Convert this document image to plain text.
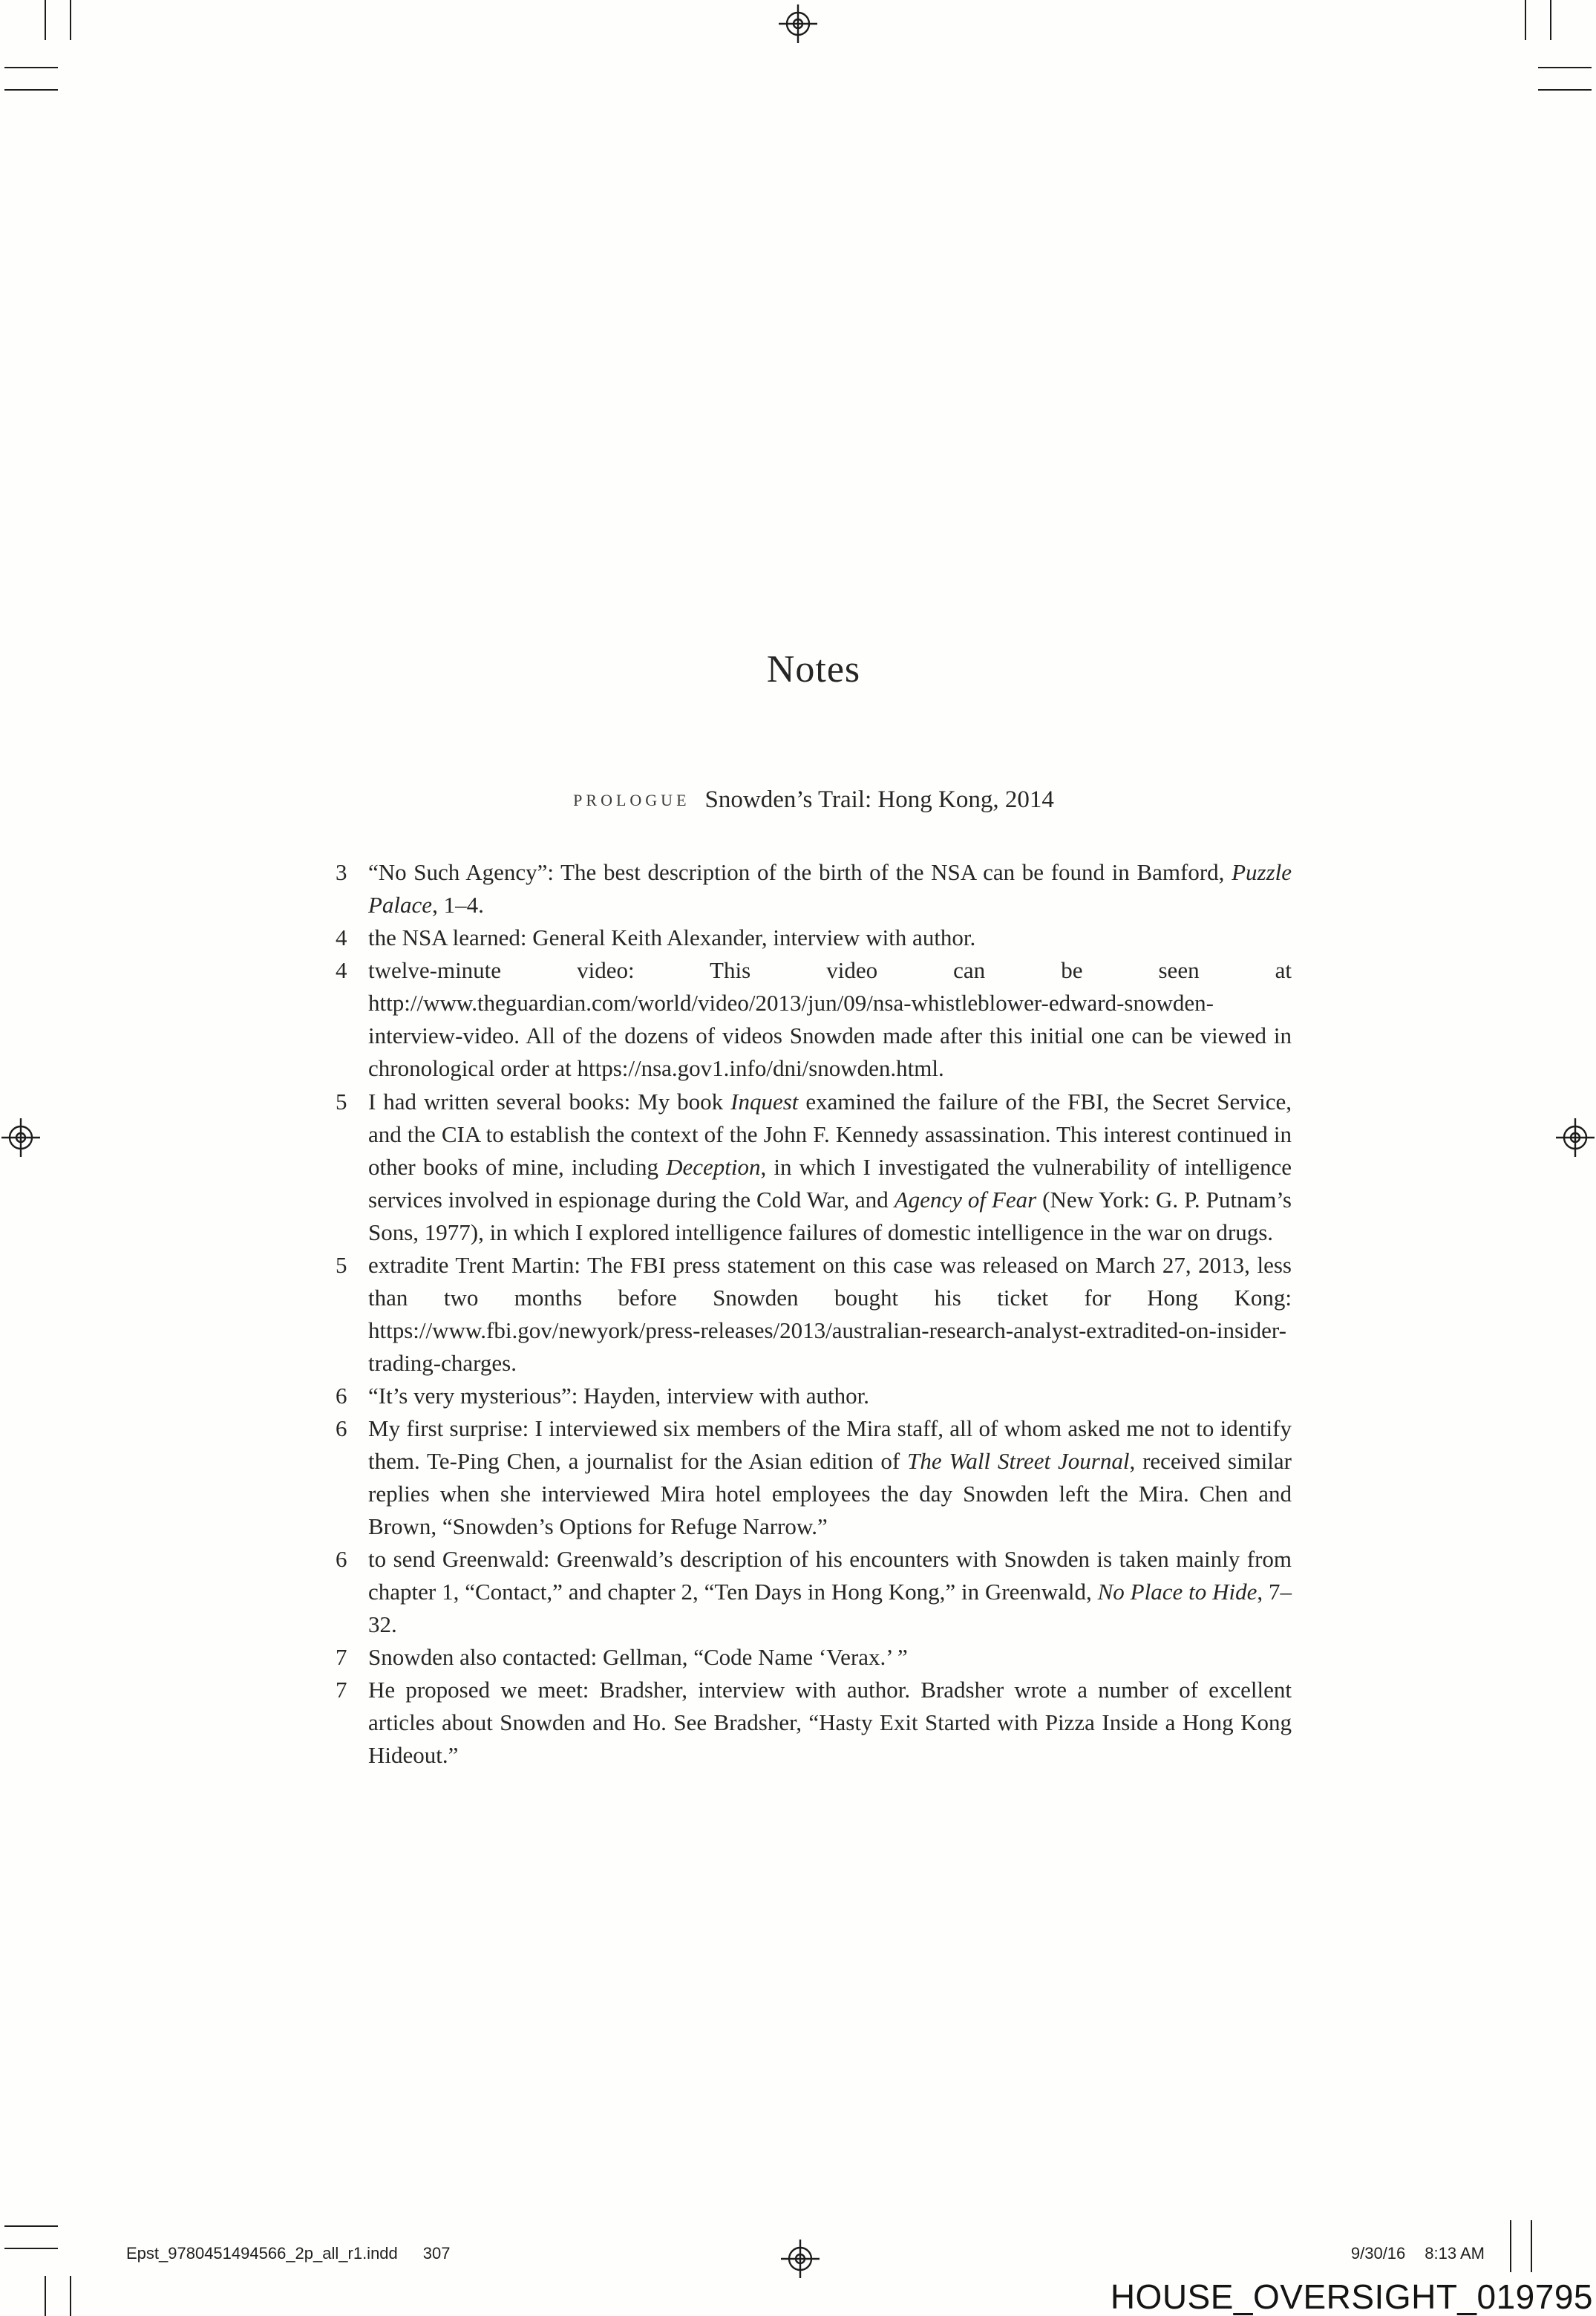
Notes
PROLOGUE Snowden’s Trail: Hong Kong, 2014
3 “No Such Agency”: The best description of the birth of the NSA can be found in Bamford, Puzzle Palace, 1–4.
4 the NSA learned: General Keith Alexander, interview with author.
4 twelve-minute video: This video can be seen at http://www.theguardian.com/world/video/2013/jun/09/nsa-whistleblower-edward-snowden-interview-video. All of the dozens of videos Snowden made after this initial one can be viewed in chronological order at https://nsa.gov1.info/dni/snowden.html.
5 I had written several books: My book Inquest examined the failure of the FBI, the Secret Service, and the CIA to establish the context of the John F. Kennedy assassination. This interest continued in other books of mine, including Deception, in which I investigated the vulnerability of intelligence services involved in espionage during the Cold War, and Agency of Fear (New York: G. P. Putnam’s Sons, 1977), in which I explored intelligence failures of domestic intelligence in the war on drugs.
5 extradite Trent Martin: The FBI press statement on this case was released on March 27, 2013, less than two months before Snowden bought his ticket for Hong Kong: https://www.fbi.gov/newyork/press-releases/2013/australian-research-analyst-extradited-on-insider-trading-charges.
6 “It’s very mysterious”: Hayden, interview with author.
6 My first surprise: I interviewed six members of the Mira staff, all of whom asked me not to identify them. Te-Ping Chen, a journalist for the Asian edition of The Wall Street Journal, received similar replies when she interviewed Mira hotel employees the day Snowden left the Mira. Chen and Brown, “Snowden’s Options for Refuge Narrow.”
6 to send Greenwald: Greenwald’s description of his encounters with Snowden is taken mainly from chapter 1, “Contact,” and chapter 2, “Ten Days in Hong Kong,” in Greenwald, No Place to Hide, 7–32.
7 Snowden also contacted: Gellman, “Code Name ‘Verax.’ ”
7 He proposed we meet: Bradsher, interview with author. Bradsher wrote a number of excellent articles about Snowden and Ho. See Bradsher, “Hasty Exit Started with Pizza Inside a Hong Kong Hideout.”
Epst_9780451494566_2p_all_r1.indd 307	9/30/16 8:13 AM
HOUSE_OVERSIGHT_019795
